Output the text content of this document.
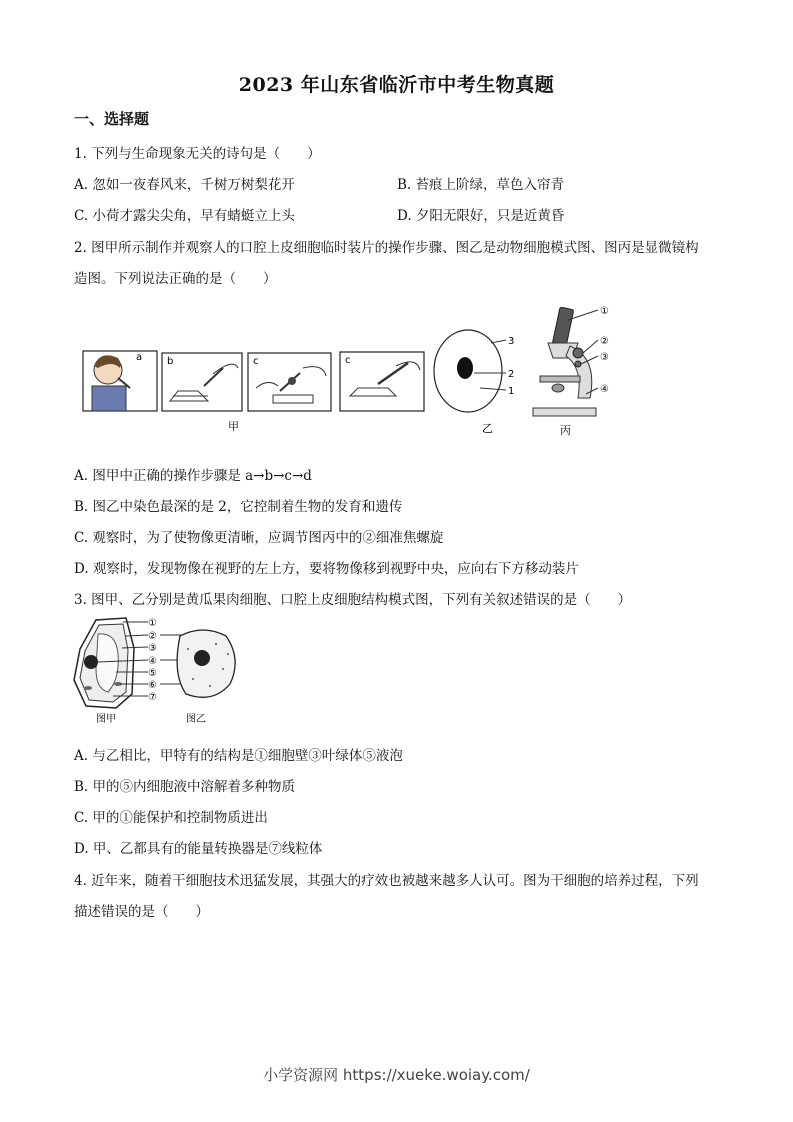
2023 年山东省临沂市中考生物真题
一、选择题
1. 下列与生命现象无关的诗句是（　　）
A. 忽如一夜春风来，千树万树梨花开	B. 苔痕上阶绿，草色入帘青
C. 小荷才露尖尖角，早有蜻蜓立上头	D. 夕阳无限好，只是近黄昏
2. 图甲所示制作并观察人的口腔上皮细胞临时装片的操作步骤、图乙是动物细胞模式图、图丙是显微镜构
造图。下列说法正确的是（　　）
a b	c	c
甲
3
2
1
乙
①
②
③
④
丙
A. 图甲中正确的操作步骤是 a→b→c→d
B. 图乙中染色最深的是 2，它控制着生物的发育和遗传
C. 观察时，为了使物像更清晰，应调节图丙中的②细准焦螺旋
D. 观察时，发现物像在视野的左上方，要将物像移到视野中央，应向右下方移动装片
3. 图甲、乙分别是黄瓜果肉细胞、口腔上皮细胞结构模式图，下列有关叙述错误的是（　　）
①
②
③
④
⑤
⑥
⑦
图甲	图乙
A. 与乙相比，甲特有的结构是①细胞壁③叶绿体⑤液泡
B. 甲的⑤内细胞液中溶解着多种物质
C. 甲的①能保护和控制物质进出
D. 甲、乙都具有的能量转换器是⑦线粒体
4. 近年来，随着干细胞技术迅猛发展，其强大的疗效也被越来越多人认可。图为干细胞的培养过程，下列
描述错误的是（　　）
小学资源网 https://xueke.woiay.com/
